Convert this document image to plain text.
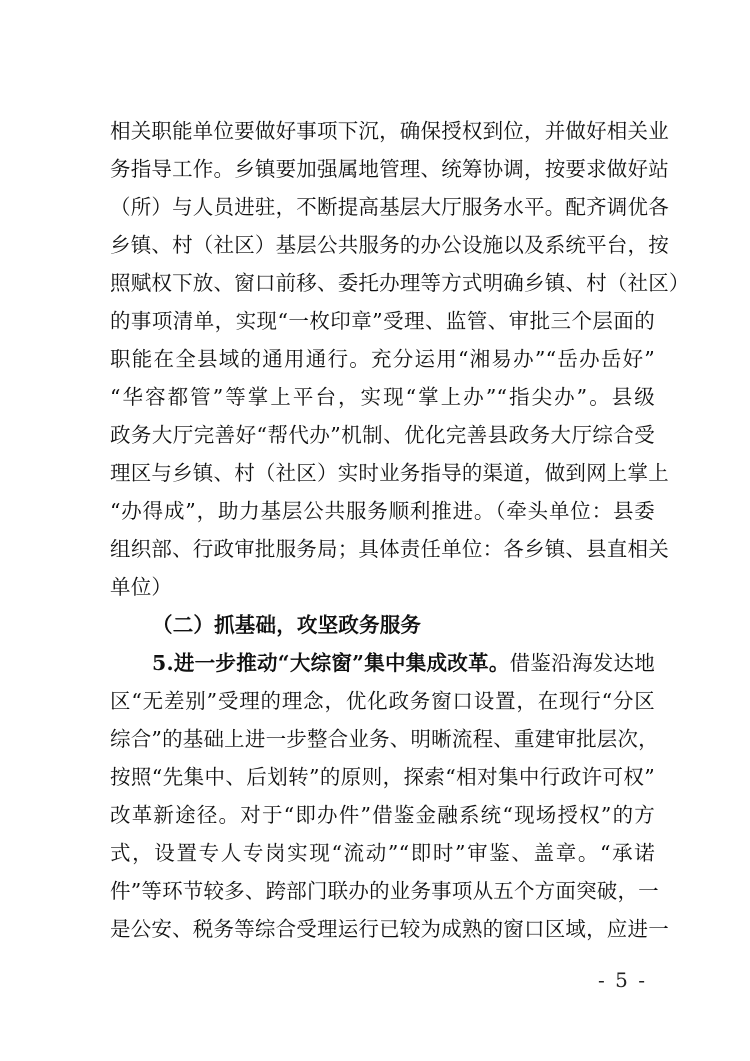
相关职能单位要做好事项下沉，确保授权到位，并做好相关业
务指导工作。乡镇要加强属地管理、统筹协调，按要求做好站
（所）与人员进驻，不断提高基层大厅服务水平。配齐调优各
乡镇、村（社区）基层公共服务的办公设施以及系统平台，按
照赋权下放、窗口前移、委托办理等方式明确乡镇、村（社区）
的事项清单，实现“一枚印章”受理、监管、审批三个层面的
职能在全县域的通用通行。充分运用“湘易办”“岳办岳好”
“华容都管”等掌上平台，实现“掌上办”“指尖办”。县级
政务大厅完善好“帮代办”机制、优化完善县政务大厅综合受
理区与乡镇、村（社区）实时业务指导的渠道，做到网上掌上
“办得成”，助力基层公共服务顺利推进。（牵头单位：县委
组织部、行政审批服务局；具体责任单位：各乡镇、县直相关
单位）
（二）抓基础，攻坚政务服务
5.进一步推动“大综窗”集中集成改革。借鉴沿海发达地
区“无差别”受理的理念，优化政务窗口设置，在现行“分区
综合”的基础上进一步整合业务、明晰流程、重建审批层次，
按照“先集中、后划转”的原则，探索“相对集中行政许可权”
改革新途径。对于“即办件”借鉴金融系统“现场授权”的方
式，设置专人专岗实现“流动”“即时”审鉴、盖章。“承诺
件”等环节较多、跨部门联办的业务事项从五个方面突破，一
是公安、税务等综合受理运行已较为成熟的窗口区域，应进一
- 5 -
